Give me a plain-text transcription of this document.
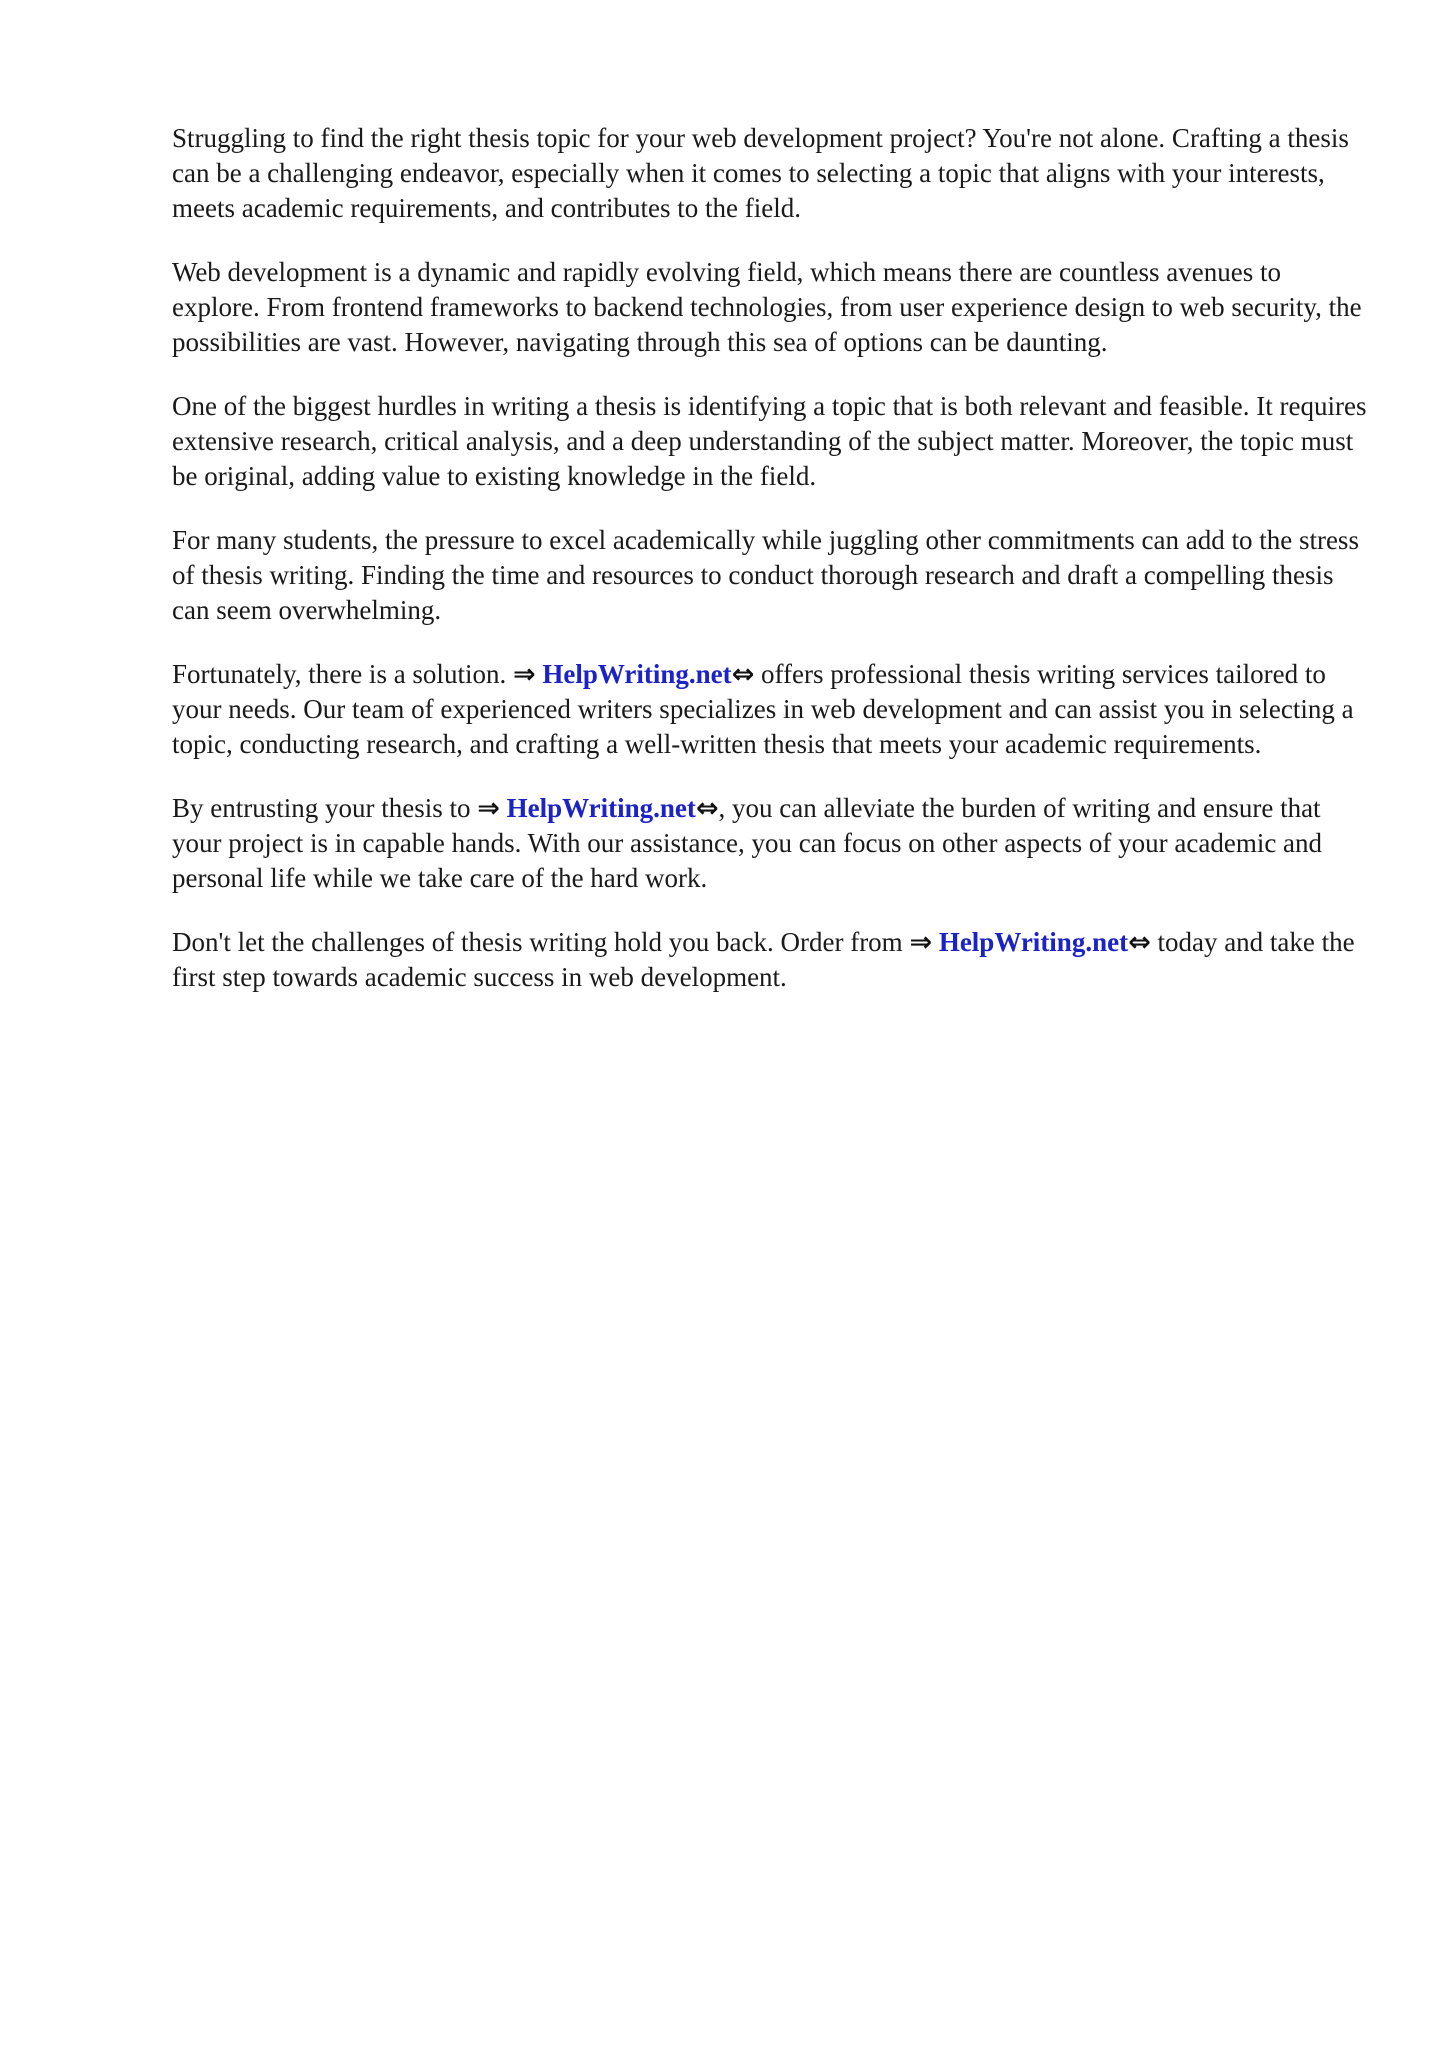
Struggling to find the right thesis topic for your web development project? You're not alone. Crafting a thesis can be a challenging endeavor, especially when it comes to selecting a topic that aligns with your interests, meets academic requirements, and contributes to the field.

Web development is a dynamic and rapidly evolving field, which means there are countless avenues to explore. From frontend frameworks to backend technologies, from user experience design to web security, the possibilities are vast. However, navigating through this sea of options can be daunting.

One of the biggest hurdles in writing a thesis is identifying a topic that is both relevant and feasible. It requires extensive research, critical analysis, and a deep understanding of the subject matter. Moreover, the topic must be original, adding value to existing knowledge in the field.

For many students, the pressure to excel academically while juggling other commitments can add to the stress of thesis writing. Finding the time and resources to conduct thorough research and draft a compelling thesis can seem overwhelming.

Fortunately, there is a solution. ⇒ HelpWriting.net⇔ offers professional thesis writing services tailored to your needs. Our team of experienced writers specializes in web development and can assist you in selecting a topic, conducting research, and crafting a well-written thesis that meets your academic requirements.

By entrusting your thesis to ⇒ HelpWriting.net⇔, you can alleviate the burden of writing and ensure that your project is in capable hands. With our assistance, you can focus on other aspects of your academic and personal life while we take care of the hard work.

Don't let the challenges of thesis writing hold you back. Order from ⇒ HelpWriting.net⇔ today and take the first step towards academic success in web development.
